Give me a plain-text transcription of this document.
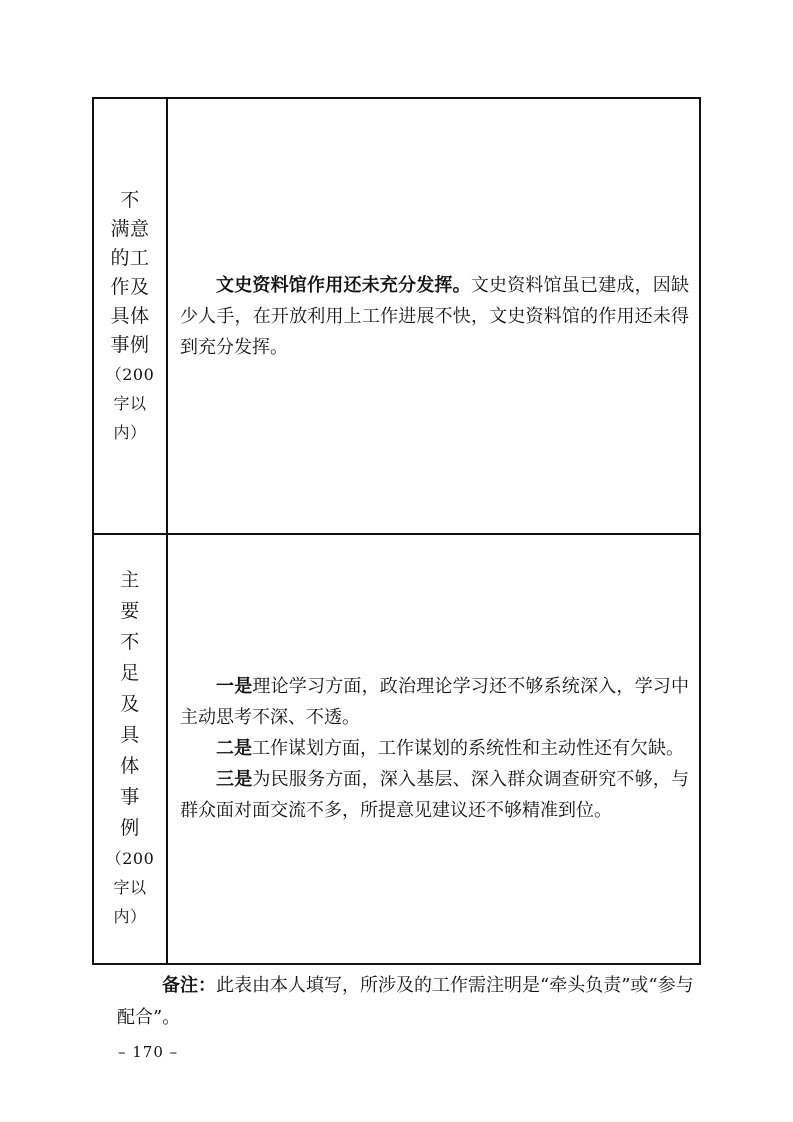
不
满意
的工
作及
具体
事例
（200
字以
内）

文史资料馆作用还未充分发挥。文史资料馆虽已建成，因缺少人手，在开放利用上工作进展不快，文史资料馆的作用还未得到充分发挥。

主
要
不
足
及
具
体
事
例
（200
字以
内）

一是理论学习方面，政治理论学习还不够系统深入，学习中主动思考不深、不透。

二是工作谋划方面，工作谋划的系统性和主动性还有欠缺。

三是为民服务方面，深入基层、深入群众调查研究不够，与群众面对面交流不多，所提意见建议还不够精准到位。

备注：此表由本人填写，所涉及的工作需注明是“牵头负责”或“参与配合”。

– 170 –
